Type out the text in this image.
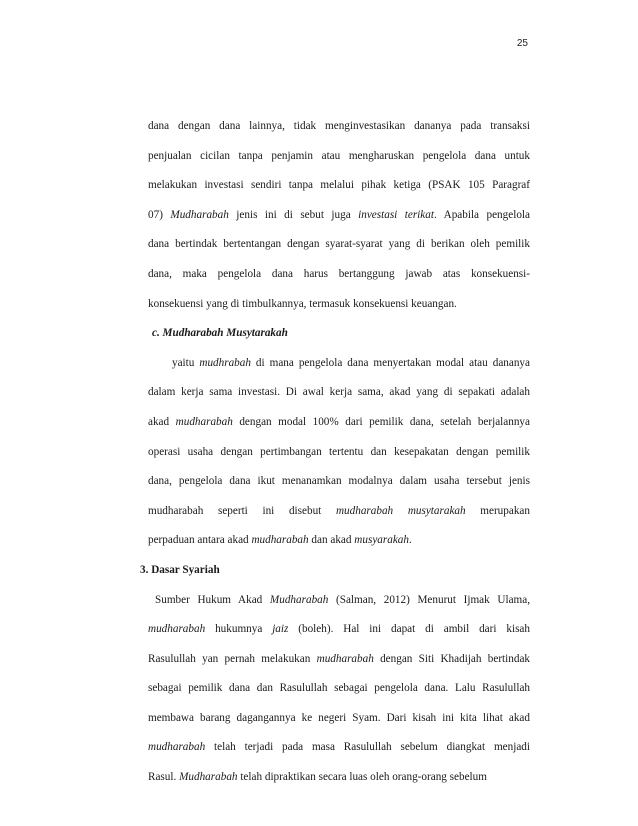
25
dana dengan dana lainnya, tidak menginvestasikan dananya pada transaksi
penjualan cicilan tanpa penjamin atau mengharuskan pengelola dana untuk
melakukan investasi sendiri tanpa melalui pihak ketiga (PSAK 105 Paragraf
07) Mudharabah jenis ini di sebut juga investasi terikat. Apabila pengelola
dana bertindak bertentangan dengan syarat-syarat yang di berikan oleh pemilik
dana, maka pengelola dana harus bertanggung jawab atas konsekuensi-
konsekuensi yang di timbulkannya, termasuk konsekuensi keuangan.
c. Mudharabah Musytarakah
yaitu mudhrabah di mana pengelola dana menyertakan modal atau dananya
dalam kerja sama investasi. Di awal kerja sama, akad yang di sepakati adalah
akad mudharabah dengan modal 100% dari pemilik dana, setelah berjalannya
operasi usaha dengan pertimbangan tertentu dan kesepakatan dengan pemilik
dana, pengelola dana ikut menanamkan modalnya dalam usaha tersebut jenis
mudharabah seperti ini disebut mudharabah musytarakah merupakan
perpaduan antara akad mudharabah dan akad musyarakah.
3. Dasar Syariah
Sumber Hukum Akad Mudharabah (Salman, 2012) Menurut Ijmak Ulama,
mudharabah hukumnya jaiz (boleh). Hal ini dapat di ambil dari kisah
Rasulullah yan pernah melakukan mudharabah dengan Siti Khadijah bertindak
sebagai pemilik dana dan Rasulullah sebagai pengelola dana. Lalu Rasulullah
membawa barang dagangannya ke negeri Syam. Dari kisah ini kita lihat akad
mudharabah telah terjadi pada masa Rasulullah sebelum diangkat menjadi
Rasul. Mudharabah telah dipraktikan secara luas oleh orang-orang sebelum
